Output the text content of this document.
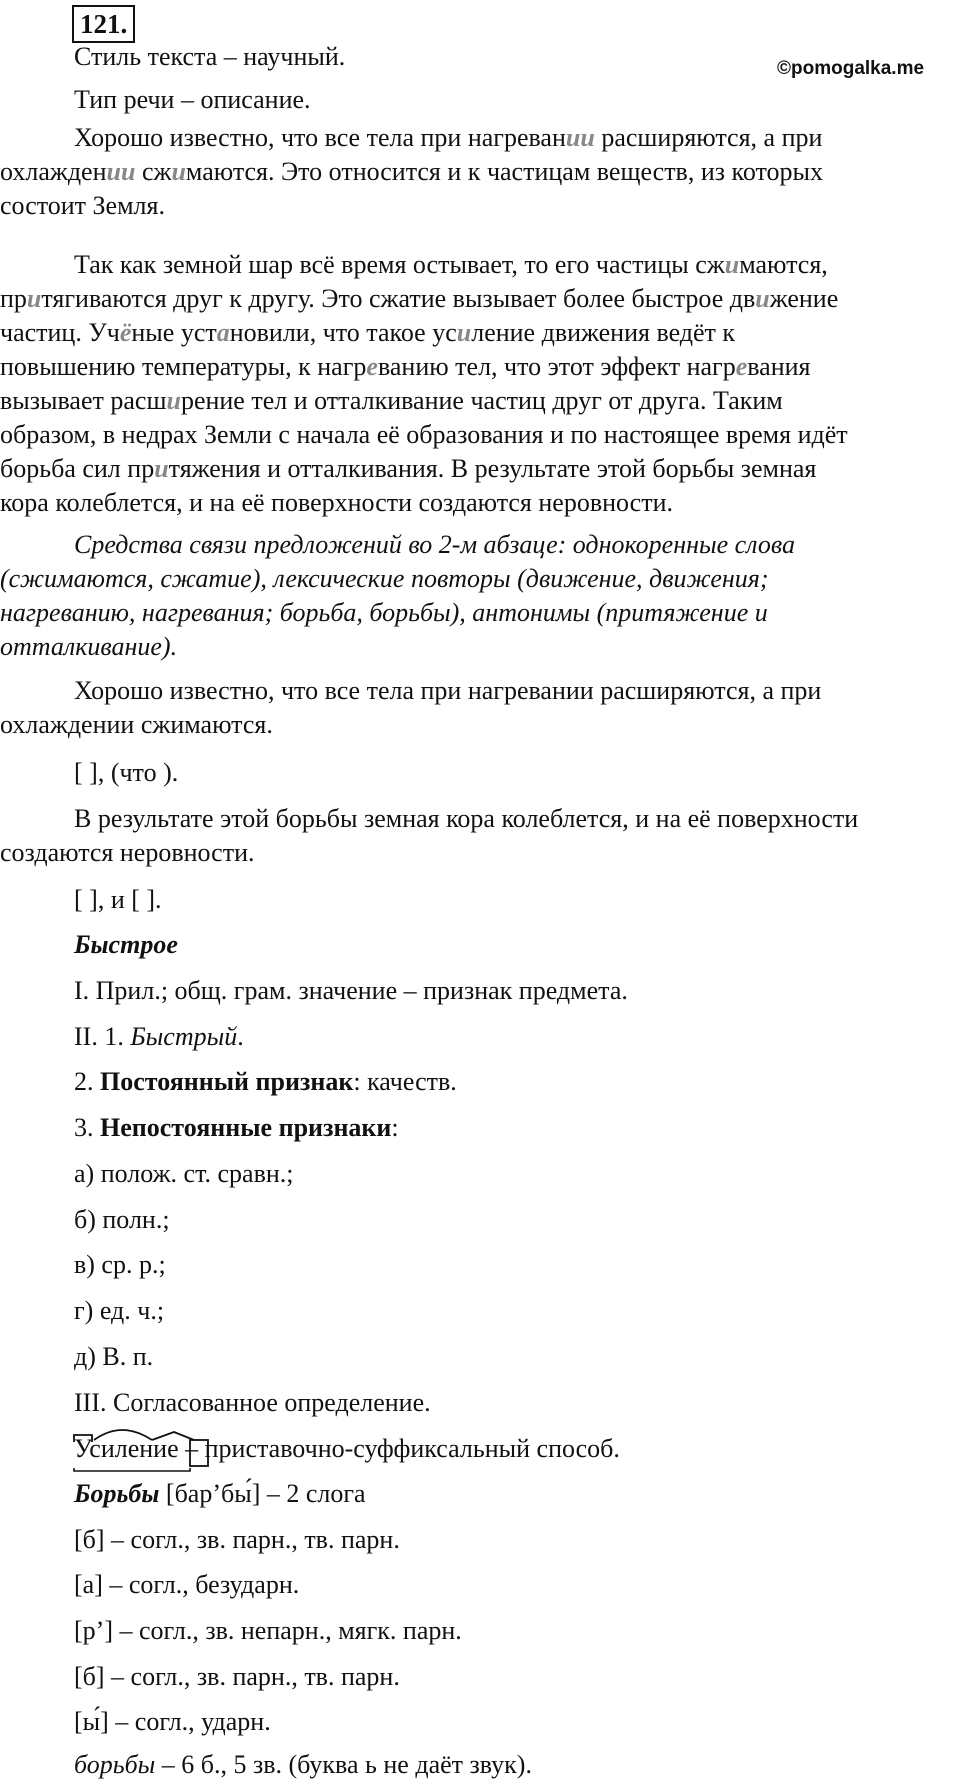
121.
©pomogalka.me
Стиль текста – научный.
Тип речи – описание.
Хорошо известно, что все тела при нагревании расширяются, а при
охлаждении сжимаются. Это относится и к частицам веществ, из которых
состоит Земля.
Так как земной шар всё время остывает, то его частицы сжимаются,
притягиваются друг к другу. Это сжатие вызывает более быстрое движение
частиц. Учёные установили, что такое усиление движения ведёт к
повышению температуры, к нагреванию тел, что этот эффект нагревания
вызывает расширение тел и отталкивание частиц друг от друга. Таким
образом, в недрах Земли с начала её образования и по настоящее время идёт
борьба сил притяжения и отталкивания. В результате этой борьбы земная
кора колеблется, и на её поверхности создаются неровности.
Средства связи предложений во 2-м абзаце: однокоренные слова
(сжимаются, сжатие), лексические повторы (движение, движения;
нагреванию, нагревания; борьба, борьбы), антонимы (притяжение и
отталкивание).
Хорошо известно, что все тела при нагревании расширяются, а при
охлаждении сжимаются.
[ ], (что ).
В результате этой борьбы земная кора колеблется, и на её поверхности
создаются неровности.
[ ], и [ ].
Быстрое
I. Прил.; общ. грам. значение – признак предмета.
II. 1. Быстрый.
2. Постоянный признак: качеств.
3. Непостоянные признаки:
а) полож. ст. сравн.;
б) полн.;
в) ср. р.;
г) ед. ч.;
д) В. п.
III. Согласованное определение.
Усиление
– приставочно-суффиксальный способ.
Борьбы [бар’бы́] – 2 слога
[б] – согл., зв. парн., тв. парн.
[а] – согл., безударн.
[р’] – согл., зв. непарн., мягк. парн.
[б] – согл., зв. парн., тв. парн.
[ы́] – согл., ударн.
борьбы – 6 б., 5 зв. (буква ь не даёт звук).
